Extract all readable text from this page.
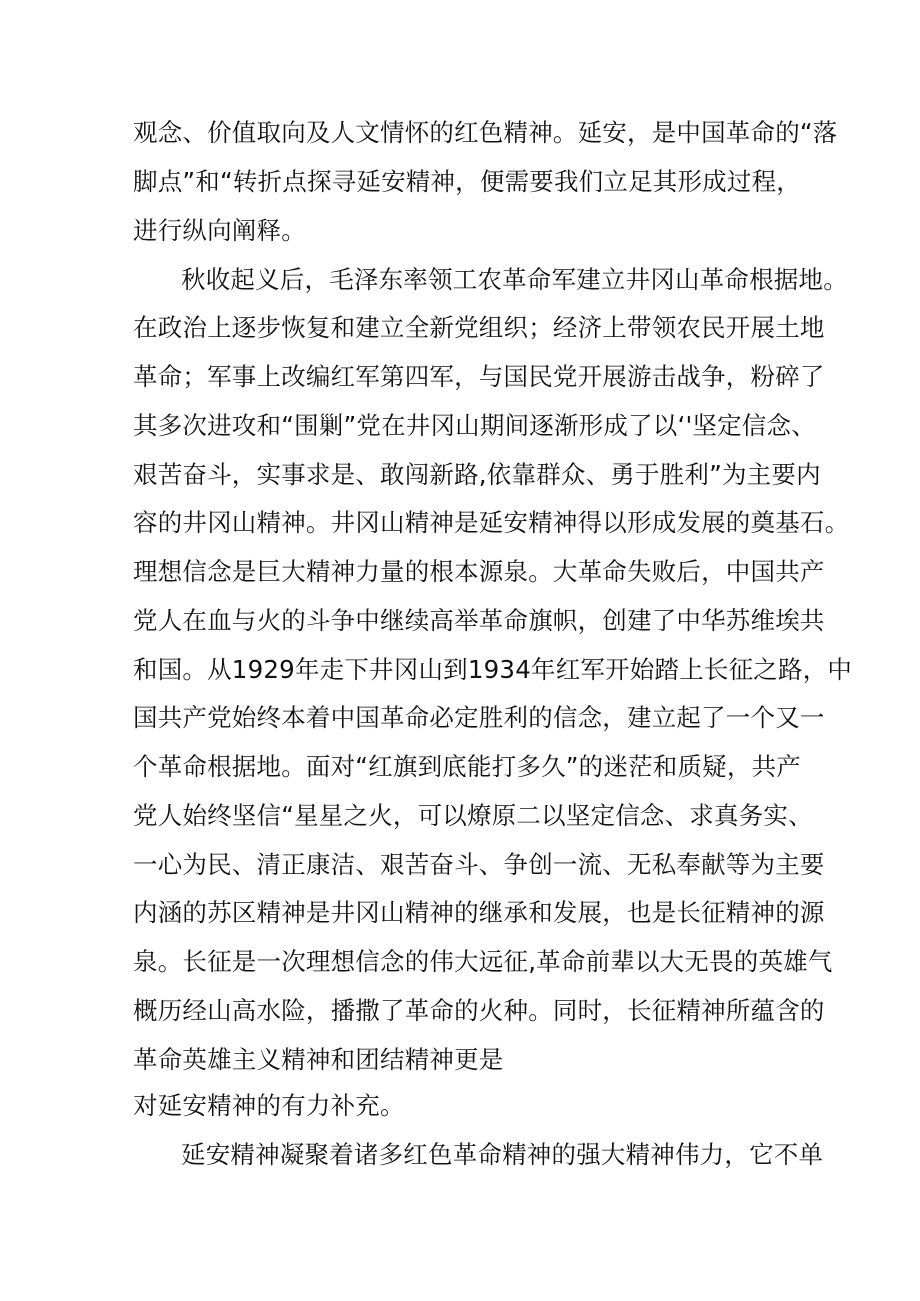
观念、价值取向及人文情怀的红色精神。延安，是中国革命的“落
脚点”和“转折点探寻延安精神，便需要我们立足其形成过程，
进行纵向阐释。
秋收起义后，毛泽东率领工农革命军建立井冈山革命根据地。
在政治上逐步恢复和建立全新党组织；经济上带领农民开展土地
革命；军事上改编红军第四军，与国民党开展游击战争，粉碎了
其多次进攻和“围剿”党在井冈山期间逐渐形成了以‘'坚定信念、
艰苦奋斗，实事求是、敢闯新路,依靠群众、勇于胜利”为主要内
容的井冈山精神。井冈山精神是延安精神得以形成发展的奠基石。
理想信念是巨大精神力量的根本源泉。大革命失败后，中国共产
党人在血与火的斗争中继续高举革命旗帜，创建了中华苏维埃共
和国。从1929年走下井冈山到1934年红军开始踏上长征之路，中
国共产党始终本着中国革命必定胜利的信念，建立起了一个又一
个革命根据地。面对“红旗到底能打多久”的迷茫和质疑，共产
党人始终坚信“星星之火，可以燎原二以坚定信念、求真务实、
一心为民、清正康洁、艰苦奋斗、争创一流、无私奉献等为主要
内涵的苏区精神是井冈山精神的继承和发展，也是长征精神的源
泉。长征是一次理想信念的伟大远征,革命前辈以大无畏的英雄气
概历经山高水险，播撒了革命的火种。同时，长征精神所蕴含的
革命英雄主义精神和团结精神更是
对延安精神的有力补充。
延安精神凝聚着诸多红色革命精神的强大精神伟力，它不单
